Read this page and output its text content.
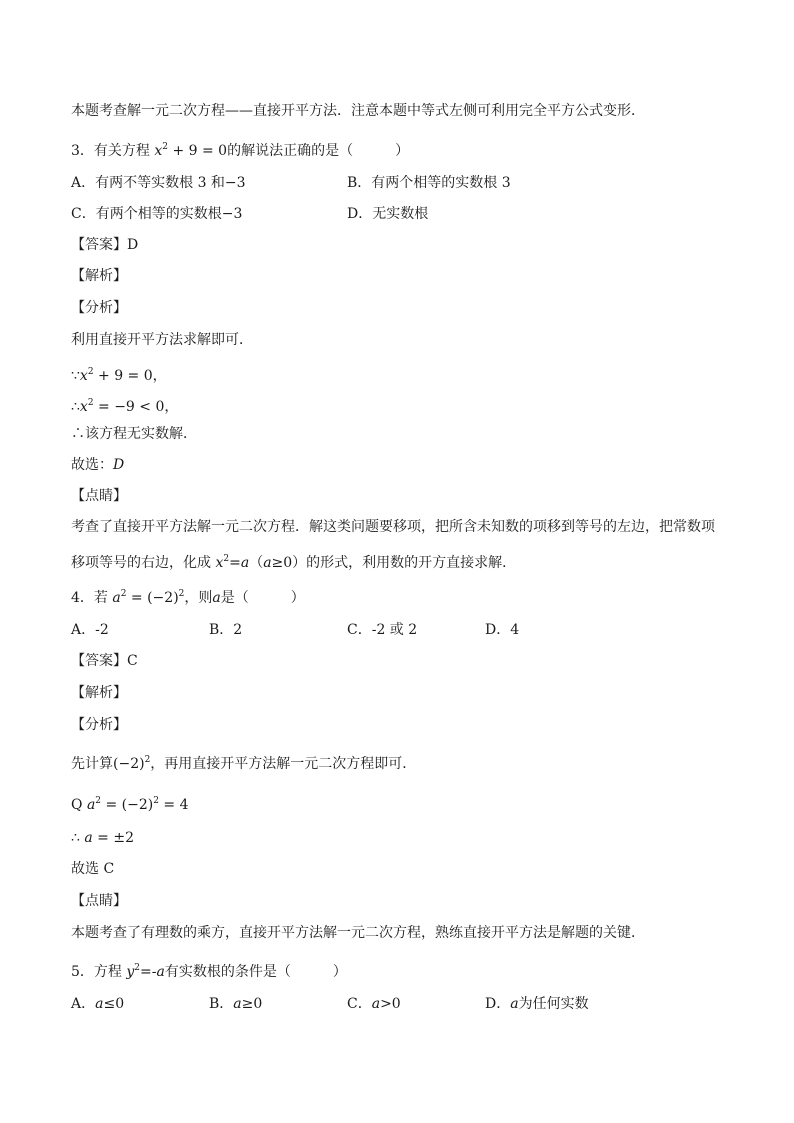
本题考查解一元二次方程——直接开平方法．注意本题中等式左侧可利用完全平方公式变形．
3．有关方程 $x^2 + 9 = 0$的解说法正确的是（　　　）
A．有两不等实数根 3 和−3	B．有两个相等的实数根 3
C．有两个相等的实数根−3	D．无实数根
【答案】D
【解析】
【分析】
利用直接开平方法求解即可．
$\because x^2 + 9 = 0$，
$\therefore x^2 = -9 < 0$，
∴该方程无实数解．
故选：D
【点睛】
考查了直接开平方法解一元二次方程．解这类问题要移项，把所含未知数的项移到等号的左边，把常数项
移项等号的右边，化成 $x^2=a(a\ge 0)$的形式，利用数的开方直接求解．
4．若 $a^2 = (-2)^2$，则a是（　　　）
A．-2	B．2	C．-2 或 2	D．4
【答案】C
【解析】
【分析】
先计算$(-2)^2$，再用直接开平方法解一元二次方程即可．
Q $a^2 = (-2)^2 = 4$
∴ a = ±2
故选 C
【点睛】
本题考查了有理数的乘方，直接开平方法解一元二次方程，熟练直接开平方法是解题的关键．
5．方程 $y^2=-a$有实数根的条件是（　　　）
A．a≤0	B．a≥0	C．a>0	D．a为任何实数
